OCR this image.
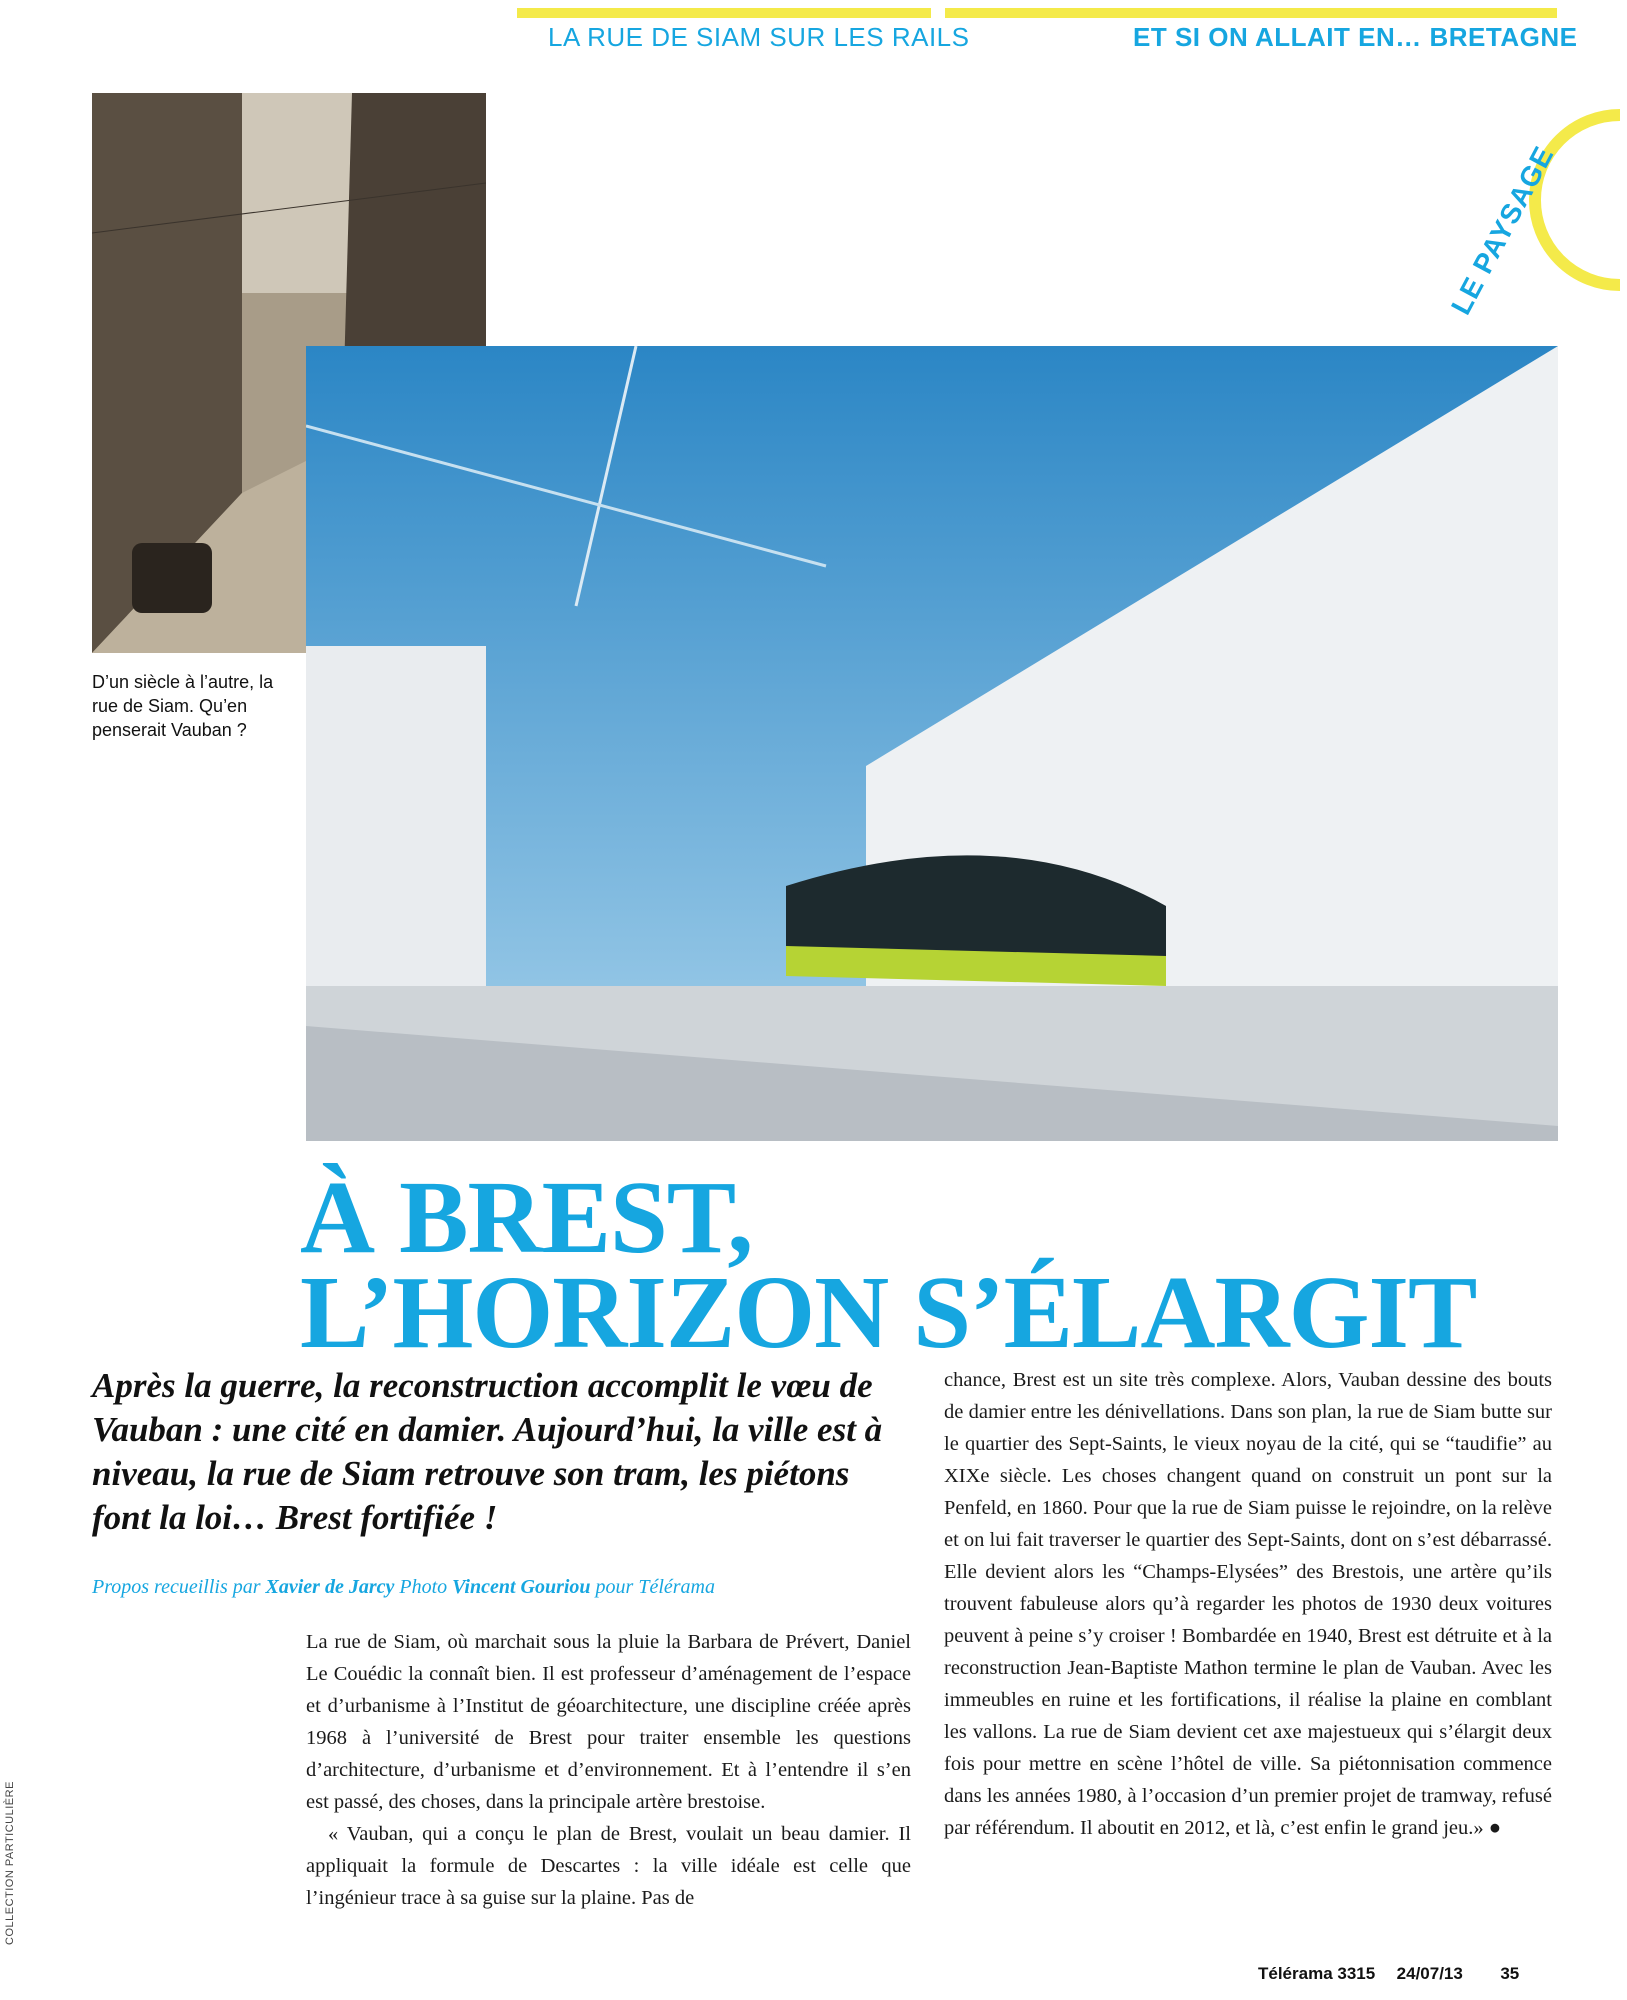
LA RUE DE SIAM SUR LES RAILS	ET SI ON ALLAIT EN… BRETAGNE
LE PAYSAGE
D’un siècle à l’autre, la rue de Siam. Qu’en penserait Vauban ?
COLLECTION PARTICULIÈRE
À BREST,
L’HORIZON S’ÉLARGIT
Après la guerre, la reconstruction accomplit le vœu de Vauban : une cité en damier. Aujourd’hui, la ville est à niveau, la rue de Siam retrouve son tram, les piétons font la loi… Brest fortifiée !
Propos recueillis par Xavier de Jarcy Photo Vincent Gouriou pour Télérama

La rue de Siam, où marchait sous la pluie la Barbara de Prévert, Daniel Le Couédic la connaît bien. Il est professeur d’aménagement de l’espace et d’urbanisme à l’Institut de géoarchitecture, une discipline créée après 1968 à l’université de Brest pour traiter ensemble les questions d’architecture, d’urbanisme et d’environnement. Et à l’entendre il s’en est passé, des choses, dans la principale artère brestoise.

« Vauban, qui a conçu le plan de Brest, voulait un beau damier. Il appliquait la formule de Descartes : la ville idéale est celle que l’ingénieur trace à sa guise sur la plaine. Pas de

chance, Brest est un site très complexe. Alors, Vauban dessine des bouts de damier entre les dénivellations. Dans son plan, la rue de Siam butte sur le quartier des Sept-Saints, le vieux noyau de la cité, qui se “taudifie” au XIXe siècle. Les choses changent quand on construit un pont sur la Penfeld, en 1860. Pour que la rue de Siam puisse le rejoindre, on la relève et on lui fait traverser le quartier des Sept-Saints, dont on s’est débarrassé. Elle devient alors les “Champs-Elysées” des Brestois, une artère qu’ils trouvent fabuleuse alors qu’à regarder les photos de 1930 deux voitures peuvent à peine s’y croiser ! Bombardée en 1940, Brest est détruite et à la reconstruction Jean-Baptiste Mathon termine le plan de Vauban. Avec les immeubles en ruine et les fortifications, il réalise la plaine en comblant les vallons. La rue de Siam devient cet axe majestueux qui s’élargit deux fois pour mettre en scène l’hôtel de ville. Sa piétonnisation commence dans les années 1980, à l’occasion d’un premier projet de tramway, refusé par référendum. Il aboutit en 2012, et là, c’est enfin le grand jeu.» ●

Télérama 3315 24/07/13 35
